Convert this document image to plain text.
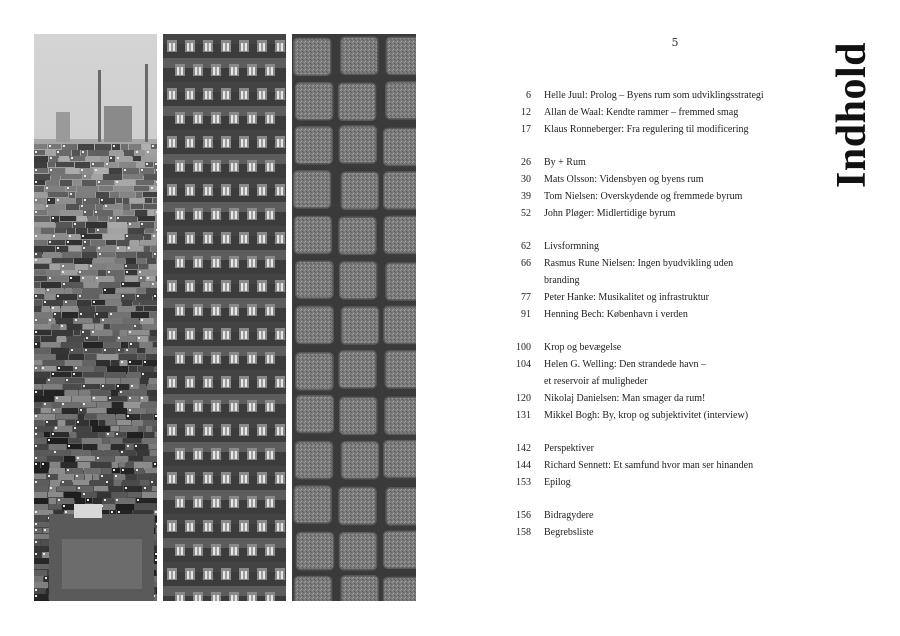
5	Indhold
6	Helle Juul: Prolog – Byens rum som udviklingsstrategi
12	Allan de Waal: Kendte rammer – fremmed smag
17	Klaus Ronneberger: Fra regulering til modificering
26	By + Rum
30	Mats Olsson: Vidensbyen og byens rum
39	Tom Nielsen: Overskydende og fremmede byrum
52	John Pløger: Midlertidige byrum
62	Livsformning
66	Rasmus Rune Nielsen: Ingen byudvikling uden
branding
77	Peter Hanke: Musikalitet og infrastruktur
91	Henning Bech: København i verden
100	Krop og bevægelse
104	Helen G. Welling: Den strandede havn –
et reservoir af muligheder
120	Nikolaj Danielsen: Man smager da rum!
131	Mikkel Bogh: By, krop og subjektivitet (interview)
142	Perspektiver
144	Richard Sennett: Et samfund hvor man ser hinanden
153	Epilog
156	Bidragydere
158	Begrebsliste
